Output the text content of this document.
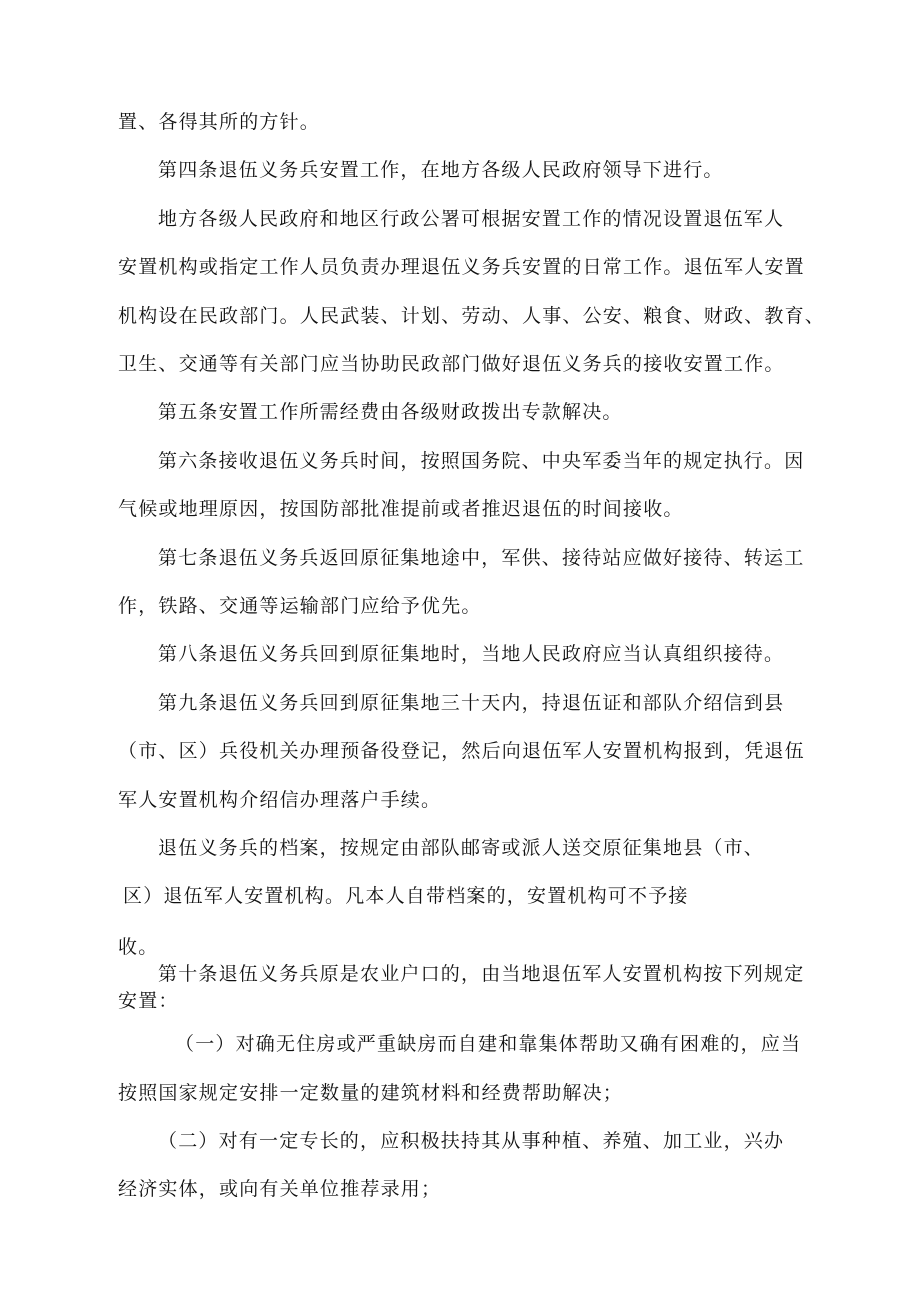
置、各得其所的方针。
第四条退伍义务兵安置工作，在地方各级人民政府领导下进行。
地方各级人民政府和地区行政公署可根据安置工作的情况设置退伍军人
安置机构或指定工作人员负责办理退伍义务兵安置的日常工作。退伍军人安置
机构设在民政部门。人民武装、计划、劳动、人事、公安、粮食、财政、教育、
卫生、交通等有关部门应当协助民政部门做好退伍义务兵的接收安置工作。
第五条安置工作所需经费由各级财政拨出专款解决。
第六条接收退伍义务兵时间，按照国务院、中央军委当年的规定执行。因
气候或地理原因，按国防部批准提前或者推迟退伍的时间接收。
第七条退伍义务兵返回原征集地途中，军供、接待站应做好接待、转运工
作，铁路、交通等运输部门应给予优先。
第八条退伍义务兵回到原征集地时，当地人民政府应当认真组织接待。
第九条退伍义务兵回到原征集地三十天内，持退伍证和部队介绍信到县
（市、区）兵役机关办理预备役登记，然后向退伍军人安置机构报到，凭退伍
军人安置机构介绍信办理落户手续。
退伍义务兵的档案，按规定由部队邮寄或派人送交原征集地县（市、
区）退伍军人安置机构。凡本人自带档案的，安置机构可不予接
收。
第十条退伍义务兵原是农业户口的，由当地退伍军人安置机构按下列规定
安置：
（一）对确无住房或严重缺房而自建和靠集体帮助又确有困难的，应当
按照国家规定安排一定数量的建筑材料和经费帮助解决；
（二）对有一定专长的，应积极扶持其从事种植、养殖、加工业，兴办
经济实体，或向有关单位推荐录用；
